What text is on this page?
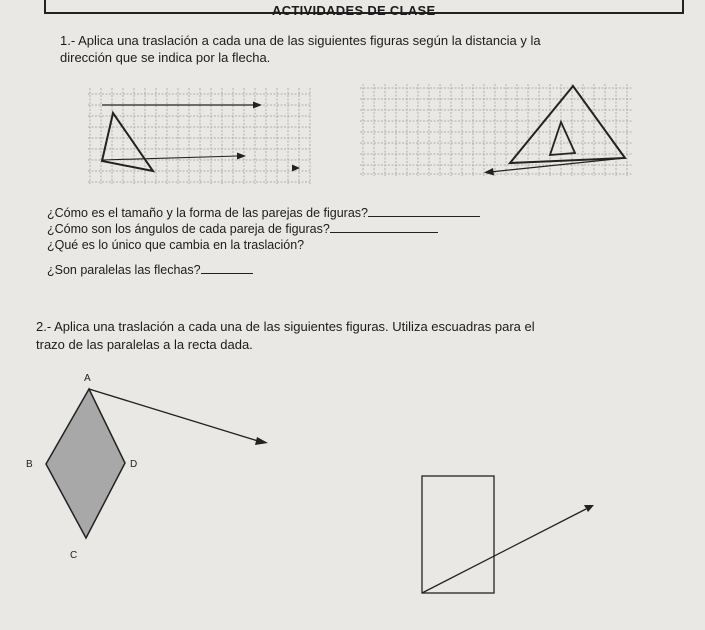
ACTIVIDADES DE CLASE

1.- Aplica una traslación a cada una de las siguientes figuras según la distancia y la

dirección que se indica por la flecha.

¿Cómo es el tamaño y la forma de las parejas de figuras?

¿Cómo son los ángulos de cada pareja de figuras?

¿Qué es lo único que cambia en la traslación?

¿Son paralelas las flechas?

2.- Aplica una traslación a cada una de las siguientes figuras. Utiliza escuadras para el

trazo de las paralelas a la recta dada.

A
B
C
D
